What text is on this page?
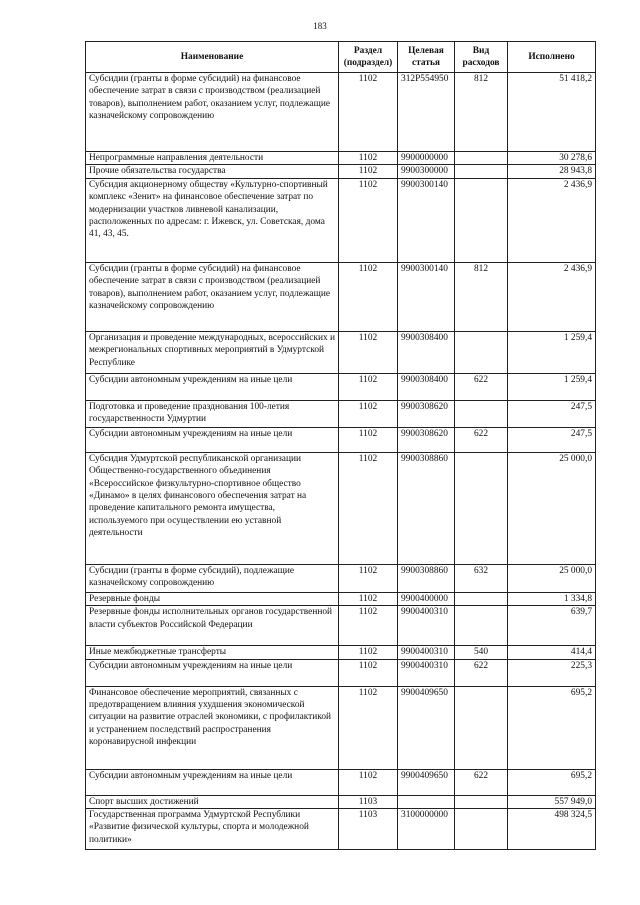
183
Наименование	Раздел (подраздел)	Целевая статья	Вид расходов	Исполнено
Субсидии (гранты в форме субсидий) на финансовое обеспечение затрат в связи с производством (реализацией товаров), выполнением работ, оказанием услуг, подлежащие казначейскому сопровождению	1102	312P554950	812	51 418,2
Непрограммные направления деятельности	1102	9900000000		30 278,6
Прочие обязательства государства	1102	9900300000		28 943,8
Субсидия акционерному обществу «Культурно-спортивный комплекс «Зенит» на финансовое обеспечение затрат по модернизации участков ливневой канализации, расположенных по адресам: г. Ижевск, ул. Советская, дома 41, 43, 45.	1102	9900300140		2 436,9
Субсидии (гранты в форме субсидий) на финансовое обеспечение затрат в связи с производством (реализацией товаров), выполнением работ, оказанием услуг, подлежащие казначейскому сопровождению	1102	9900300140	812	2 436,9
Организация и проведение международных, всероссийских и межрегиональных спортивных мероприятий в Удмуртской Республике	1102	9900308400		1 259,4
Субсидии автономным учреждениям на иные цели	1102	9900308400	622	1 259,4
Подготовка и проведение празднования 100-летия государственности Удмуртии	1102	9900308620		247,5
Субсидии автономным учреждениям на иные цели	1102	9900308620	622	247,5
Субсидия Удмуртской республиканской организации Общественно-государственного объединения «Всероссийское физкультурно-спортивное общество «Динамо» в целях финансового обеспечения затрат на проведение капитального ремонта имущества, используемого при осуществлении ею уставной деятельности	1102	9900308860		25 000,0
Субсидии (гранты в форме субсидий), подлежащие казначейскому сопровождению	1102	9900308860	632	25 000,0
Резервные фонды	1102	9900400000		1 334,8
Резервные фонды исполнительных органов государственной власти субъектов Российской Федерации	1102	9900400310		639,7
Иные межбюджетные трансферты	1102	9900400310	540	414,4
Субсидии автономным учреждениям на иные цели	1102	9900400310	622	225,3
Финансовое обеспечение мероприятий, связанных с предотвращением влияния ухудшения экономической ситуации на развитие отраслей экономики, с профилактикой и устранением последствий распространения коронавирусной инфекции	1102	9900409650		695,2
Субсидии автономным учреждениям на иные цели	1102	9900409650	622	695,2
Спорт высших достижений	1103			557 949,0
Государственная программа Удмуртской Республики «Развитие физической культуры, спорта и молодежной политики»	1103	3100000000		498 324,5
